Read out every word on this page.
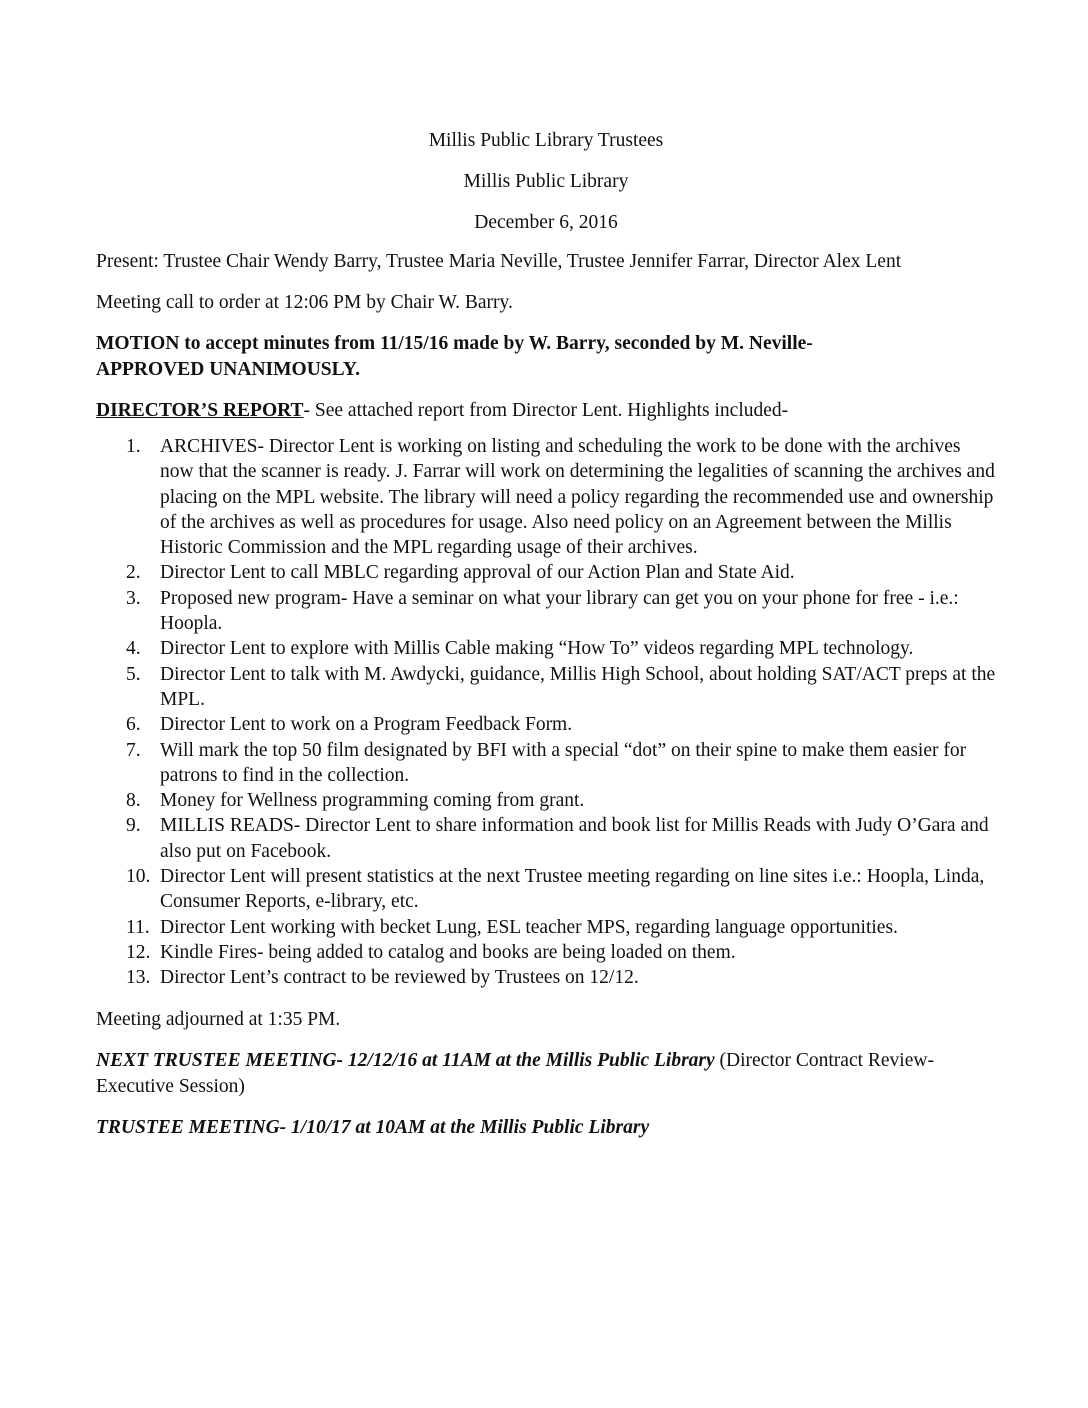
Millis Public Library Trustees

Millis Public Library

December 6, 2016

Present: Trustee Chair Wendy Barry, Trustee Maria Neville, Trustee Jennifer Farrar, Director Alex Lent

Meeting call to order at 12:06 PM by Chair W. Barry.

MOTION to accept minutes from 11/15/16 made by W. Barry, seconded by M. Neville-
APPROVED UNANIMOUSLY.

DIRECTOR’S REPORT- See attached report from Director Lent. Highlights included-

ARCHIVES- Director Lent is working on listing and scheduling the work to be done with the archives now that the scanner is ready. J. Farrar will work on determining the legalities of scanning the archives and placing on the MPL website. The library will need a policy regarding the recommended use and ownership of the archives as well as procedures for usage. Also need policy on an Agreement between the Millis Historic Commission and the MPL regarding usage of their archives.
Director Lent to call MBLC regarding approval of our Action Plan and State Aid.
Proposed new program- Have a seminar on what your library can get you on your phone for free - i.e.: Hoopla.
Director Lent to explore with Millis Cable making “How To” videos regarding MPL technology.
Director Lent to talk with M. Awdycki, guidance, Millis High School, about holding SAT/ACT preps at the MPL.
Director Lent to work on a Program Feedback Form.
Will mark the top 50 film designated by BFI with a special “dot” on their spine to make them easier for patrons to find in the collection.
Money for Wellness programming coming from grant.
MILLIS READS- Director Lent to share information and book list for Millis Reads with Judy O’Gara and also put on Facebook.
Director Lent will present statistics at the next Trustee meeting regarding on line sites i.e.: Hoopla, Linda, Consumer Reports, e-library, etc.
Director Lent working with becket Lung, ESL teacher MPS, regarding language opportunities.
Kindle Fires- being added to catalog and books are being loaded on them.
Director Lent’s contract to be reviewed by Trustees on 12/12.

Meeting adjourned at 1:35 PM.

NEXT TRUSTEE MEETING- 12/12/16 at 11AM at the Millis Public Library (Director Contract Review- Executive Session)

TRUSTEE MEETING- 1/10/17 at 10AM at the Millis Public Library
